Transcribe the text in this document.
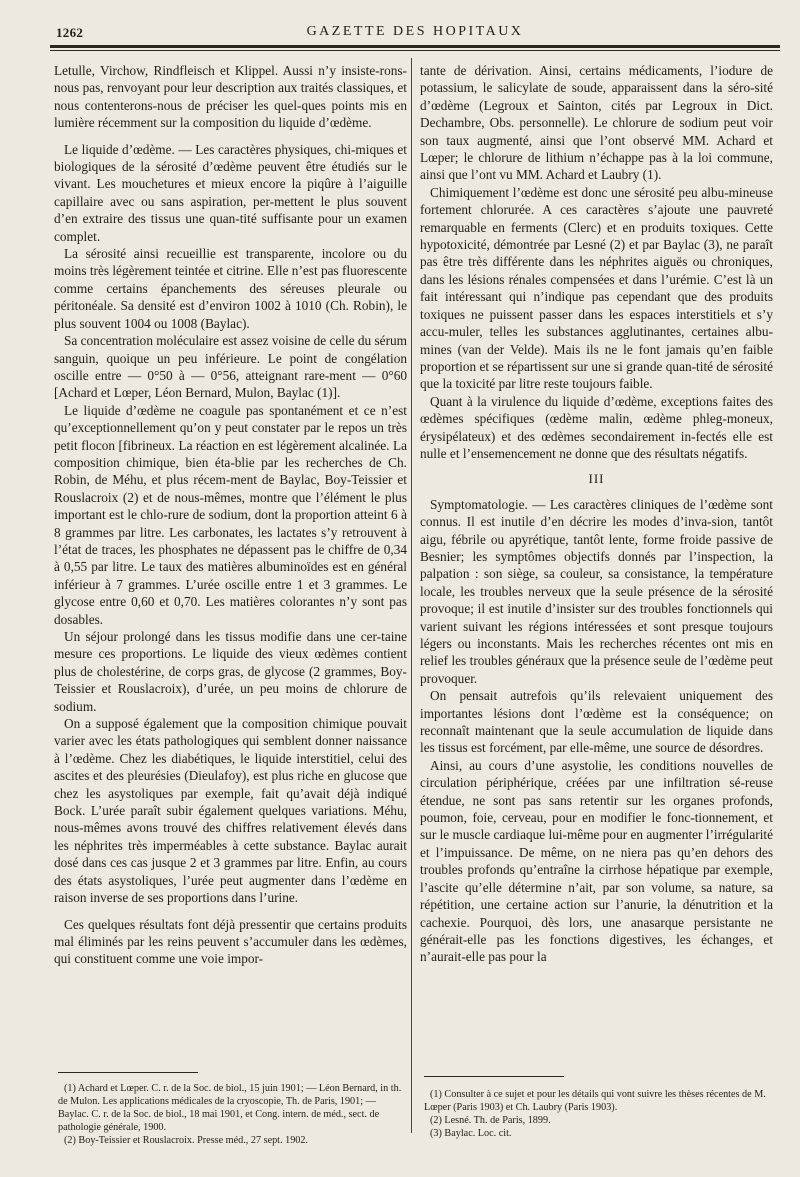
1262	GAZETTE DES HOPITAUX

Letulle, Virchow, Rindfleisch et Klippel. Aussi n’y insiste-rons-nous pas, renvoyant pour leur description aux traités classiques, et nous contenterons-nous de préciser les quel-ques points mis en lumière récemment sur la composition du liquide d’œdème.

Le liquide d’œdème. — Les caractères physiques, chi-miques et biologiques de la sérosité d’œdème peuvent être étudiés sur le vivant. Les mouchetures et mieux encore la piqûre à l’aiguille capillaire avec ou sans aspiration, per-mettent le plus souvent d’en extraire des tissus une quan-tité suffisante pour un examen complet.

La sérosité ainsi recueillie est transparente, incolore ou du moins très légèrement teintée et citrine. Elle n’est pas fluorescente comme certains épanchements des séreuses pleurale ou péritonéale. Sa densité est d’environ 1002 à 1010 (Ch. Robin), le plus souvent 1004 ou 1008 (Baylac).

Sa concentration moléculaire est assez voisine de celle du sérum sanguin, quoique un peu inférieure. Le point de congélation oscille entre — 0°50 à — 0°56, atteignant rare-ment — 0°60 [Achard et Lœper, Léon Bernard, Mulon, Baylac (1)].

Le liquide d’œdème ne coagule pas spontanément et ce n’est qu’exceptionnellement qu’on y peut constater par le repos un très petit flocon [fibrineux. La réaction en est légèrement alcalinée. La composition chimique, bien éta-blie par les recherches de Ch. Robin, de Méhu, et plus récem-ment de Baylac, Boy-Teissier et Rouslacroix (2) et de nous-mêmes, montre que l’élément le plus important est le chlo-rure de sodium, dont la proportion atteint 6 à 8 grammes par litre. Les carbonates, les lactates s’y retrouvent à l’état de traces, les phosphates ne dépassent pas le chiffre de 0,34 à 0,55 par litre. Le taux des matières albuminoïdes est en général inférieur à 7 grammes. L’urée oscille entre 1 et 3 grammes. Le glycose entre 0,60 et 0,70. Les matières colorantes n’y sont pas dosables.

Un séjour prolongé dans les tissus modifie dans une cer-taine mesure ces proportions. Le liquide des vieux œdèmes contient plus de cholestérine, de corps gras, de glycose (2 grammes, Boy-Teissier et Rouslacroix), d’urée, un peu moins de chlorure de sodium.

On a supposé également que la composition chimique pouvait varier avec les états pathologiques qui semblent donner naissance à l’œdème. Chez les diabétiques, le liquide interstitiel, celui des ascites et des pleurésies (Dieulafoy), est plus riche en glucose que chez les asystoliques par exemple, fait qu’avait déjà indiqué Bock. L’urée paraît subir également quelques variations. Méhu, nous-mêmes avons trouvé des chiffres relativement élevés dans les néphrites très imperméables à cette substance. Baylac aurait dosé dans ces cas jusque 2 et 3 grammes par litre. Enfin, au cours des états asystoliques, l’urée peut augmenter dans l’œdème en raison inverse de ses proportions dans l’urine.

Ces quelques résultats font déjà pressentir que certains produits mal éliminés par les reins peuvent s’accumuler dans les œdèmes, qui constituent comme une voie impor-

tante de dérivation. Ainsi, certains médicaments, l’iodure de potassium, le salicylate de soude, apparaissent dans la séro-sité d’œdème (Legroux et Sainton, cités par Legroux in Dict. Dechambre, Obs. personnelle). Le chlorure de sodium peut voir son taux augmenté, ainsi que l’ont observé MM. Achard et Lœper; le chlorure de lithium n’échappe pas à la loi commune, ainsi que l’ont vu MM. Achard et Laubry (1).

Chimiquement l’œdème est donc une sérosité peu albu-mineuse fortement chlorurée. A ces caractères s’ajoute une pauvreté remarquable en ferments (Clerc) et en produits toxiques. Cette hypotoxicité, démontrée par Lesné (2) et par Baylac (3), ne paraît pas être très différente dans les néphrites aiguës ou chroniques, dans les lésions rénales compensées et dans l’urémie. C’est là un fait intéressant qui n’indique pas cependant que des produits toxiques ne puissent passer dans les espaces interstitiels et s’y accu-muler, telles les substances agglutinantes, certaines albu-mines (van der Velde). Mais ils ne le font jamais qu’en faible proportion et se répartissent sur une si grande quan-tité de sérosité que la toxicité par litre reste toujours faible.

Quant à la virulence du liquide d’œdème, exceptions faites des œdèmes spécifiques (œdème malin, œdème phleg-moneux, érysipélateux) et des œdèmes secondairement in-fectés elle est nulle et l’ensemencement ne donne que des résultats négatifs.

III

Symptomatologie. — Les caractères cliniques de l’œdème sont connus. Il est inutile d’en décrire les modes d’inva-sion, tantôt aigu, fébrile ou apyrétique, tantôt lente, forme froide passive de Besnier; les symptômes objectifs donnés par l’inspection, la palpation : son siège, sa couleur, sa consistance, la température locale, les troubles nerveux que la seule présence de la sérosité provoque; il est inutile d’insister sur des troubles fonctionnels qui varient suivant les régions intéressées et sont presque toujours légers ou inconstants. Mais les recherches récentes ont mis en relief les troubles généraux que la présence seule de l’œdème peut provoquer.

On pensait autrefois qu’ils relevaient uniquement des importantes lésions dont l’œdème est la conséquence; on reconnaît maintenant que la seule accumulation de liquide dans les tissus est forcément, par elle-même, une source de désordres.

Ainsi, au cours d’une asystolie, les conditions nouvelles de circulation périphérique, créées par une infiltration sé-reuse étendue, ne sont pas sans retentir sur les organes profonds, poumon, foie, cerveau, pour en modifier le fonc-tionnement, et sur le muscle cardiaque lui-même pour en augmenter l’irrégularité et l’impuissance. De même, on ne niera pas qu’en dehors des troubles profonds qu’entraîne la cirrhose hépatique par exemple, l’ascite qu’elle détermine n’ait, par son volume, sa nature, sa répétition, une certaine action sur l’anurie, la dénutrition et la cachexie. Pourquoi, dès lors, une anasarque persistante ne générait-elle pas les fonctions digestives, les échanges, et n’aurait-elle pas pour la

(1) Achard et Lœper. C. r. de la Soc. de biol., 15 juin 1901; — Léon Bernard, in th. de Mulon. Les applications médicales de la cryoscopie, Th. de Paris, 1901; — Baylac. C. r. de la Soc. de biol., 18 mai 1901, et Cong. intern. de méd., sect. de pathologie générale, 1900.

(2) Boy-Teissier et Rouslacroix. Presse méd., 27 sept. 1902.

(1) Consulter à ce sujet et pour les détails qui vont suivre les thèses récentes de M. Lœper (Paris 1903) et Ch. Laubry (Paris 1903).

(2) Lesné. Th. de Paris, 1899.

(3) Baylac. Loc. cit.
